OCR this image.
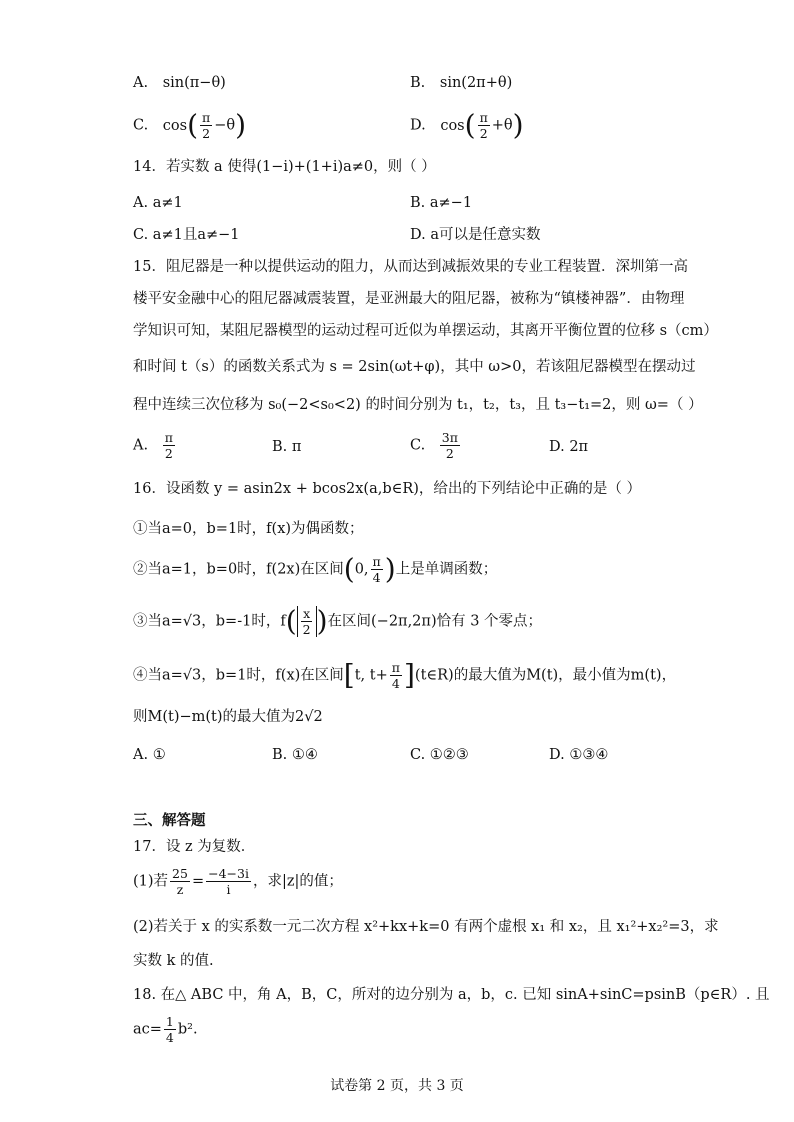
A. sin(π−θ)	B. sin(2π+θ)
C. $\cos( \frac{\pi}{2} -\theta)$	D. $\cos( \frac{\pi}{2} +\theta)$
14．若实数 a 使得(1−i)+(1+i)a≠0，则（ ）
A. a≠1	B. a≠−1
C. a≠1且a≠−1	D. a可以是任意实数
15．阻尼器是一种以提供运动的阻力，从而达到减振效果的专业工程装置．深圳第一高
楼平安金融中心的阻尼器减震装置，是亚洲最大的阻尼器，被称为“镇楼神器”．由物理
学知识可知，某阻尼器模型的运动过程可近似为单摆运动，其离开平衡位置的位移 s（cm）
和时间 t（s）的函数关系式为 s = 2sin(ωt+φ)，其中 ω>0，若该阻尼器模型在摆动过
程中连续三次位移为 s₀(−2<s₀<2) 的时间分别为 t₁，t₂，t₃，且 t₃−t₁=2，则 ω=（ ）
A. $\frac{\pi}{2}$	B. π	C. $\frac{3\pi}{2}$	D. 2π
16．设函数 y = asin2x + bcos2x(a,b∈R)，给出的下列结论中正确的是（ ）
①当a=0，b=1时，f(x)为偶函数；
②当a=1，b=0时，f(2x)在区间(0, $\frac{\pi}{4}$ )上是单调函数；
③当a=√3，b=-1时，$f( \frac{x}{2}$ )在区间(−2π,2π)恰有 3 个零点；
④当a=√3，b=1时，f(x)在区间[t, $t+ \frac{\pi}{4}$ ](t∈R)的最大值为M(t)，最小值为m(t)，
则M(t)−m(t)的最大值为2√2
A. ①	B. ①④	C. ①②③	D. ①③④
三、解答题
17．设 z 为复数．
(1)若 $\frac{25}{z} = \frac{-4-3i}{i}$ ，求|z|的值；
(2)若关于 x 的实系数一元二次方程 x²+kx+k=0 有两个虚根 x₁ 和 x₂，且 x₁²+x₂²=3，求
实数 k 的值.
18. 在△ ABC 中，角 A，B，C，所对的边分别为 a，b，c. 已知 sinA+sinC=psinB（p∈R）. 且
$ac= \frac{1}{4} b^2$.
试卷第 2 页，共 3 页
